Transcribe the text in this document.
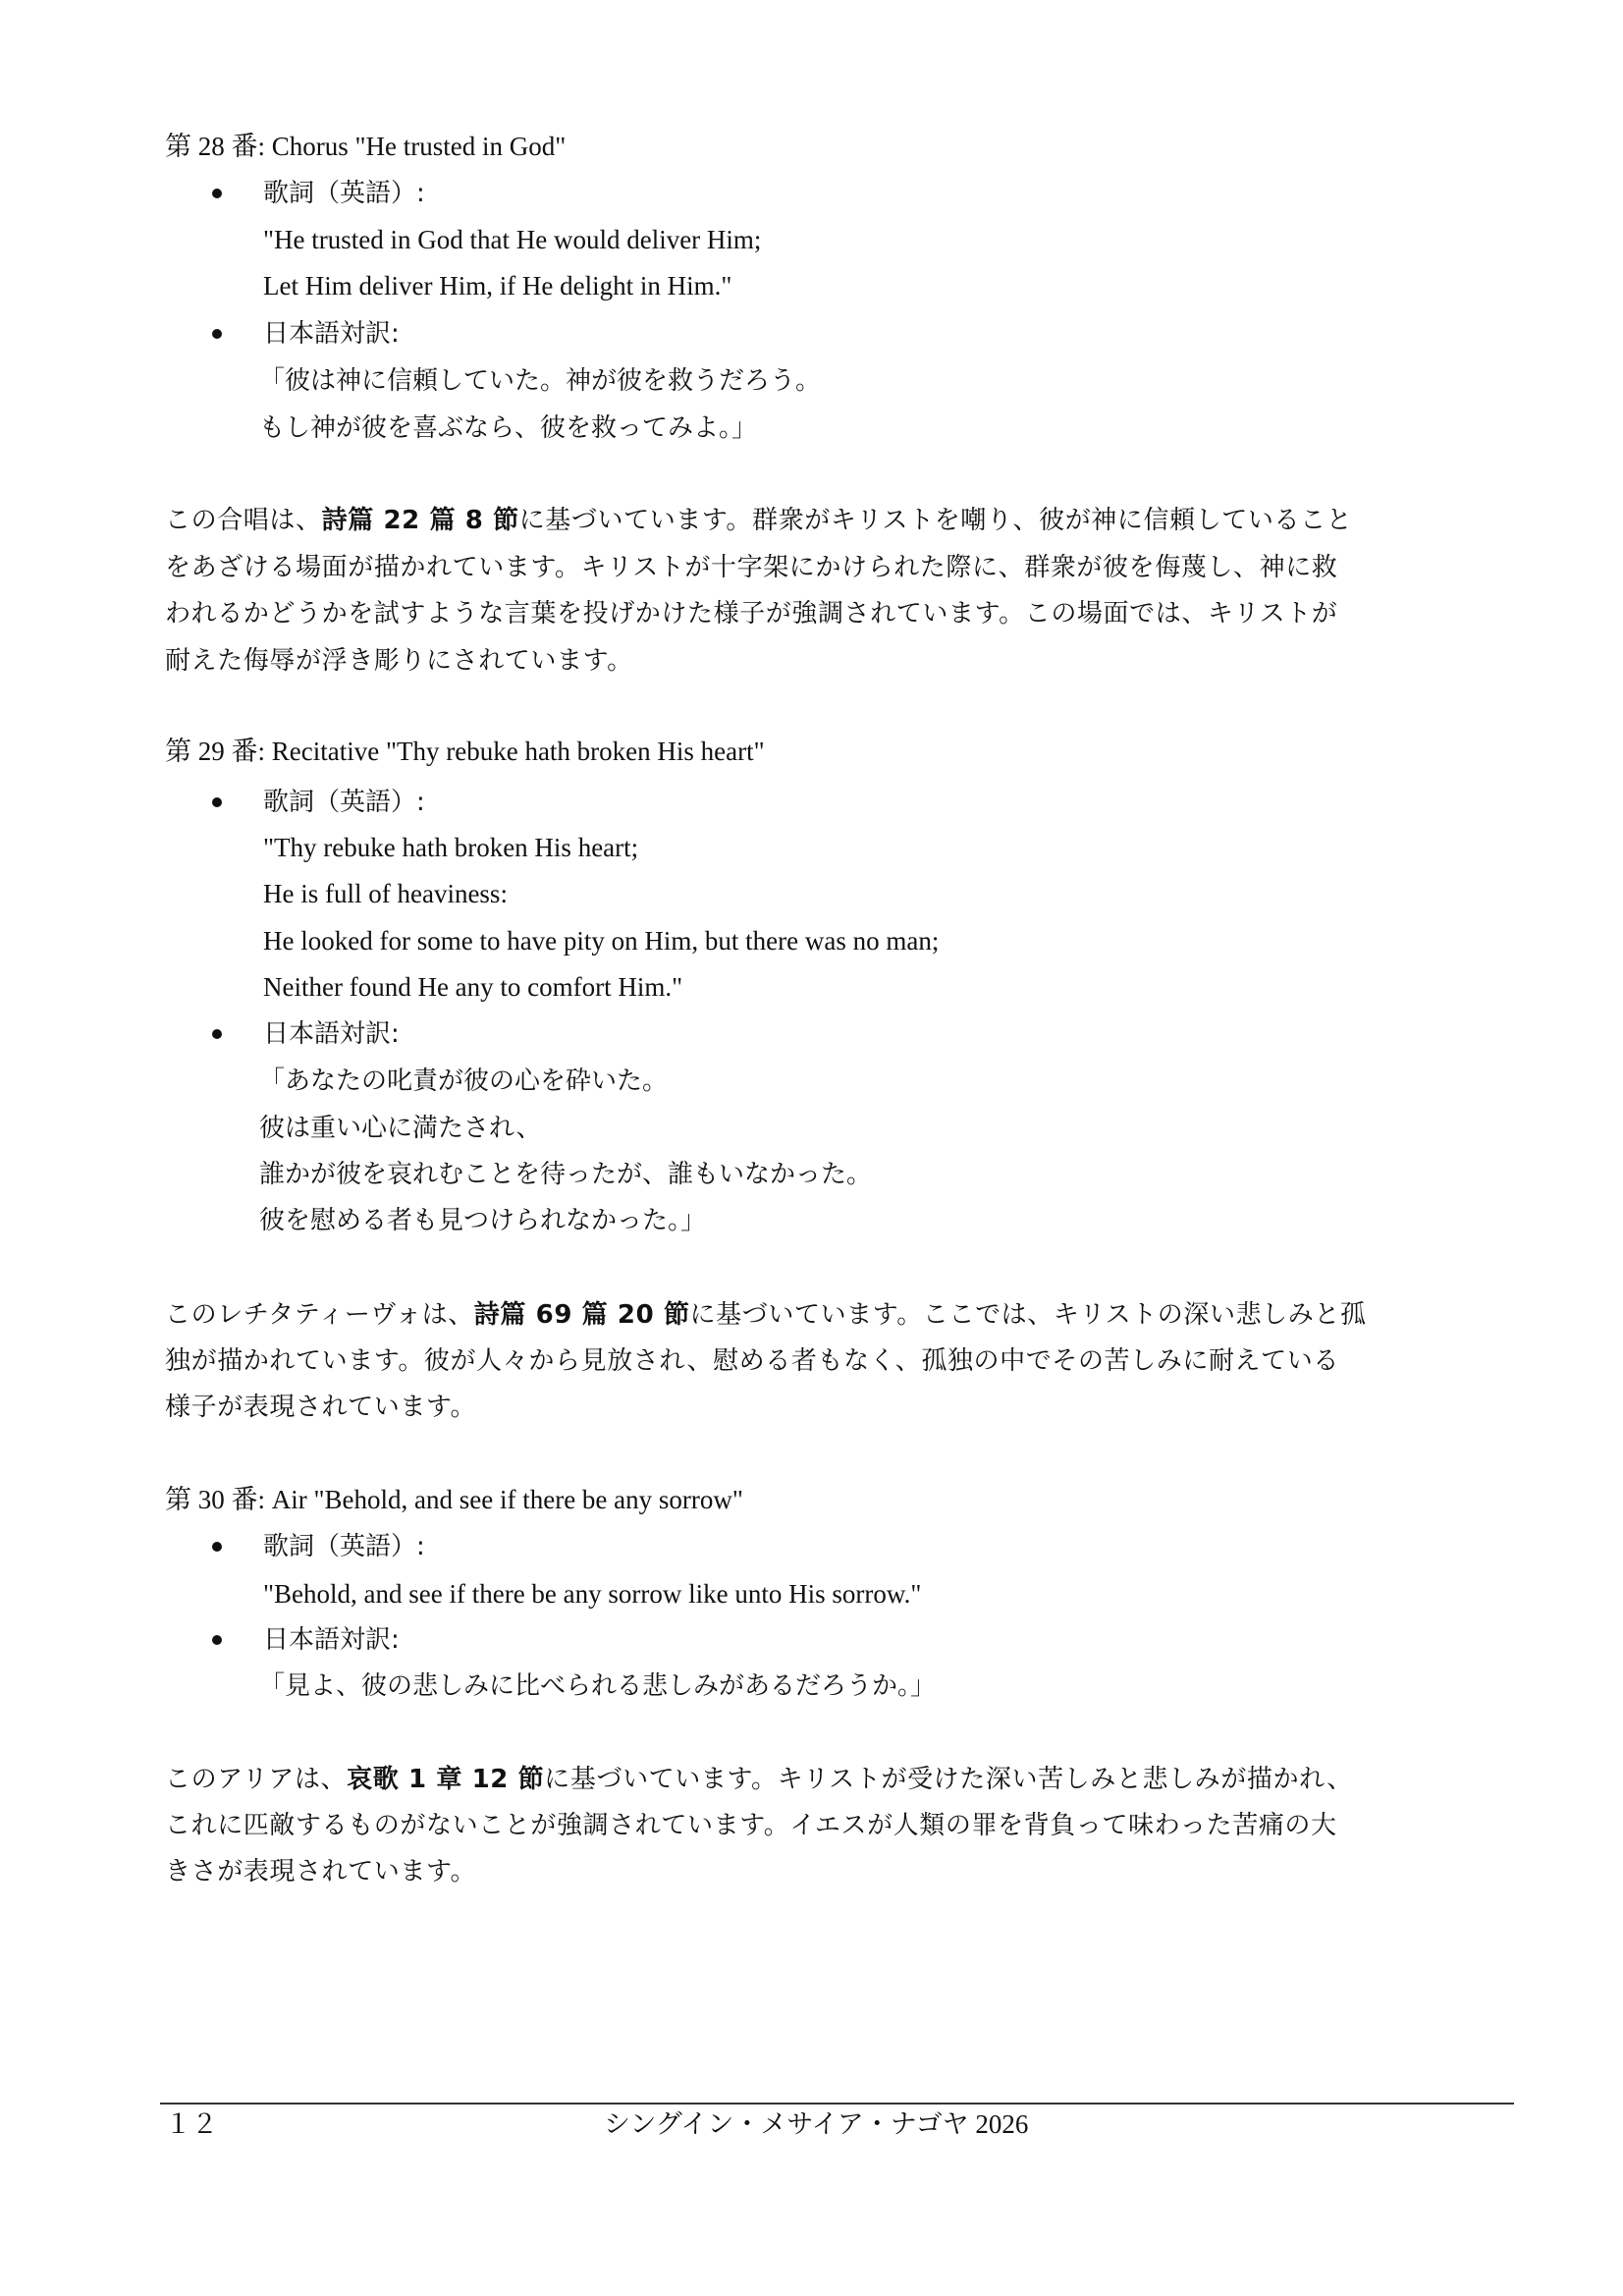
第 28 番: Chorus "He trusted in God"
歌詞（英語）:
"He trusted in God that He would deliver Him;
Let Him deliver Him, if He delight in Him."
日本語対訳:
「彼は神に信頼していた。神が彼を救うだろう。
もし神が彼を喜ぶなら、彼を救ってみよ。」
この合唱は、詩篇 22 篇 8 節に基づいています。群衆がキリストを嘲り、彼が神に信頼していること
をあざける場面が描かれています。キリストが十字架にかけられた際に、群衆が彼を侮蔑し、神に救
われるかどうかを試すような言葉を投げかけた様子が強調されています。この場面では、キリストが
耐えた侮辱が浮き彫りにされています。
第 29 番: Recitative "Thy rebuke hath broken His heart"
歌詞（英語）:
"Thy rebuke hath broken His heart;
He is full of heaviness:
He looked for some to have pity on Him, but there was no man;
Neither found He any to comfort Him."
日本語対訳:
「あなたの叱責が彼の心を砕いた。
彼は重い心に満たされ、
誰かが彼を哀れむことを待ったが、誰もいなかった。
彼を慰める者も見つけられなかった。」
このレチタティーヴォは、詩篇 69 篇 20 節に基づいています。ここでは、キリストの深い悲しみと孤
独が描かれています。彼が人々から見放され、慰める者もなく、孤独の中でその苦しみに耐えている
様子が表現されています。
第 30 番: Air "Behold, and see if there be any sorrow"
歌詞（英語）:
"Behold, and see if there be any sorrow like unto His sorrow."
日本語対訳:
「見よ、彼の悲しみに比べられる悲しみがあるだろうか。」
このアリアは、哀歌 1 章 12 節に基づいています。キリストが受けた深い苦しみと悲しみが描かれ、
これに匹敵するものがないことが強調されています。イエスが人類の罪を背負って味わった苦痛の大
きさが表現されています。
１２	シングイン・メサイア・ナゴヤ 2026
